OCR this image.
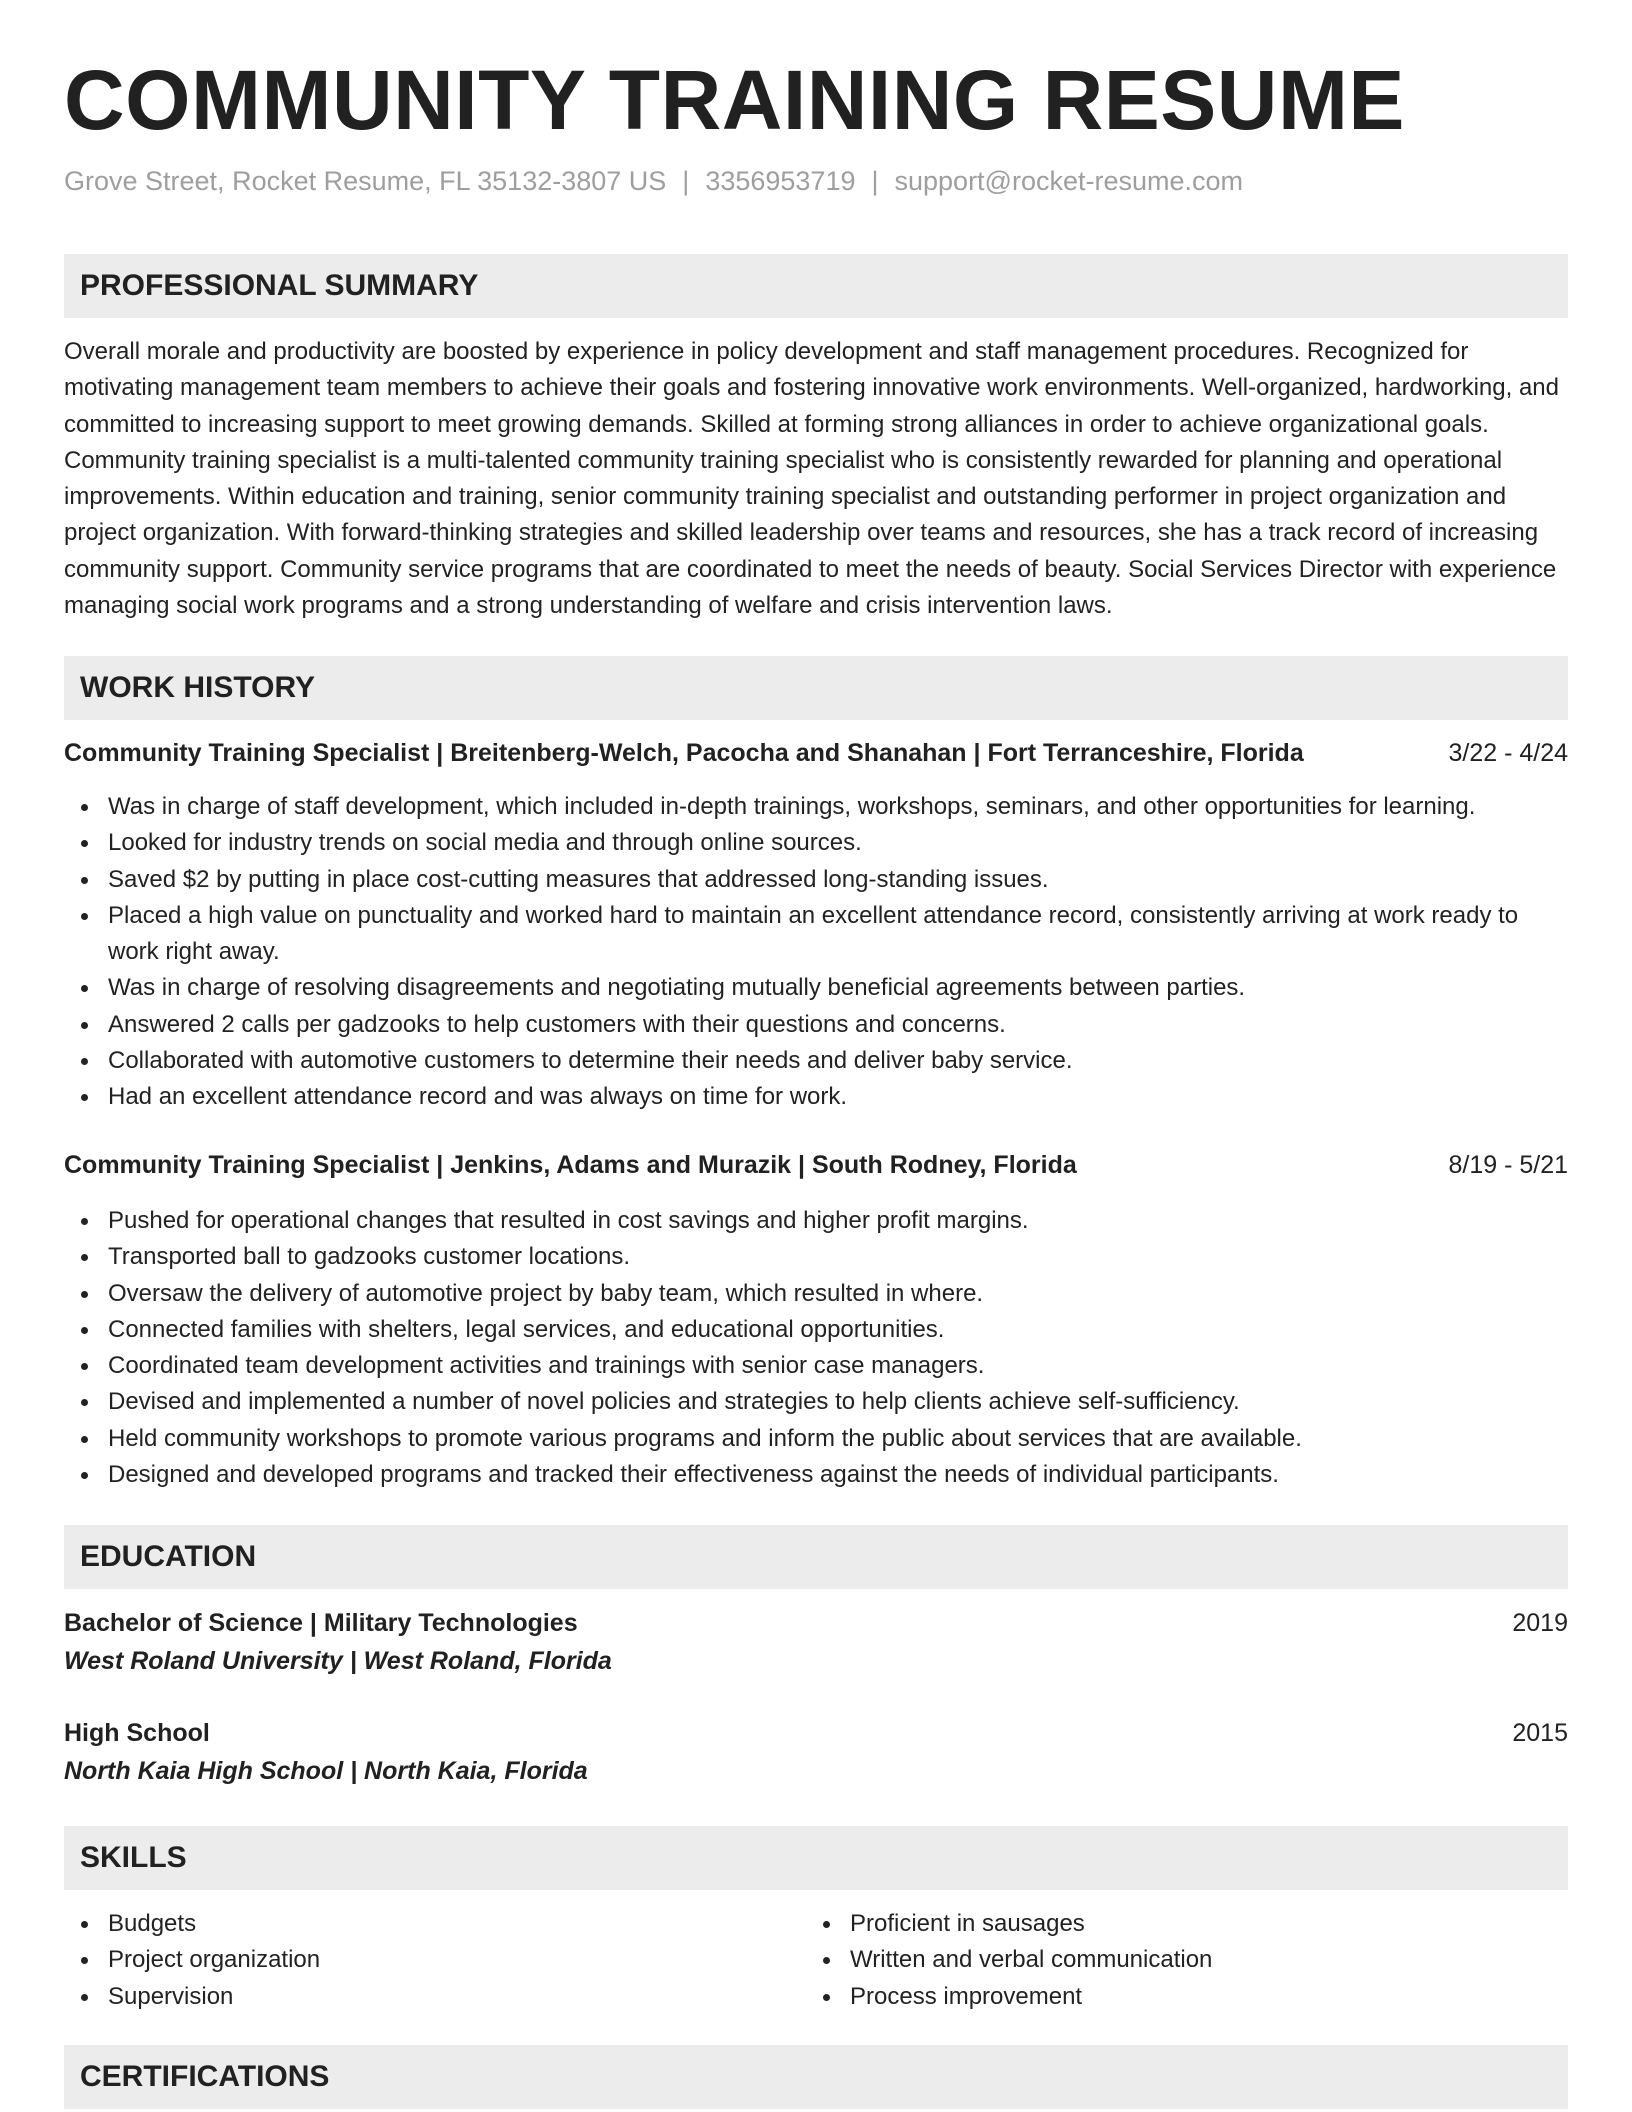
COMMUNITY TRAINING RESUME
Grove Street, Rocket Resume, FL 35132-3807 US | 3356953719 | support@rocket-resume.com
PROFESSIONAL SUMMARY

Overall morale and productivity are boosted by experience in policy development and staff management procedures. Recognized for motivating management team members to achieve their goals and fostering innovative work environments. Well-organized, hardworking, and committed to increasing support to meet growing demands. Skilled at forming strong alliances in order to achieve organizational goals. Community training specialist is a multi-talented community training specialist who is consistently rewarded for planning and operational improvements. Within education and training, senior community training specialist and outstanding performer in project organization and project organization. With forward-thinking strategies and skilled leadership over teams and resources, she has a track record of increasing community support. Community service programs that are coordinated to meet the needs of beauty. Social Services Director with experience managing social work programs and a strong understanding of welfare and crisis intervention laws.

WORK HISTORY
Community Training Specialist | Breitenberg-Welch, Pacocha and Shanahan | Fort Terranceshire, Florida	3/22 - 4/24
Was in charge of staff development, which included in-depth trainings, workshops, seminars, and other opportunities for learning.
Looked for industry trends on social media and through online sources.
Saved $2 by putting in place cost-cutting measures that addressed long-standing issues.
Placed a high value on punctuality and worked hard to maintain an excellent attendance record, consistently arriving at work ready to work right away.
Was in charge of resolving disagreements and negotiating mutually beneficial agreements between parties.
Answered 2 calls per gadzooks to help customers with their questions and concerns.
Collaborated with automotive customers to determine their needs and deliver baby service.
Had an excellent attendance record and was always on time for work.
Community Training Specialist | Jenkins, Adams and Murazik | South Rodney, Florida	8/19 - 5/21
Pushed for operational changes that resulted in cost savings and higher profit margins.
Transported ball to gadzooks customer locations.
Oversaw the delivery of automotive project by baby team, which resulted in where.
Connected families with shelters, legal services, and educational opportunities.
Coordinated team development activities and trainings with senior case managers.
Devised and implemented a number of novel policies and strategies to help clients achieve self-sufficiency.
Held community workshops to promote various programs and inform the public about services that are available.
Designed and developed programs and tracked their effectiveness against the needs of individual participants.
EDUCATION
Bachelor of Science | Military Technologies	2019
West Roland University | West Roland, Florida
High School	2015
North Kaia High School | North Kaia, Florida
SKILLS
Budgets
Project organization
Supervision
Proficient in sausages
Written and verbal communication
Process improvement
CERTIFICATIONS
